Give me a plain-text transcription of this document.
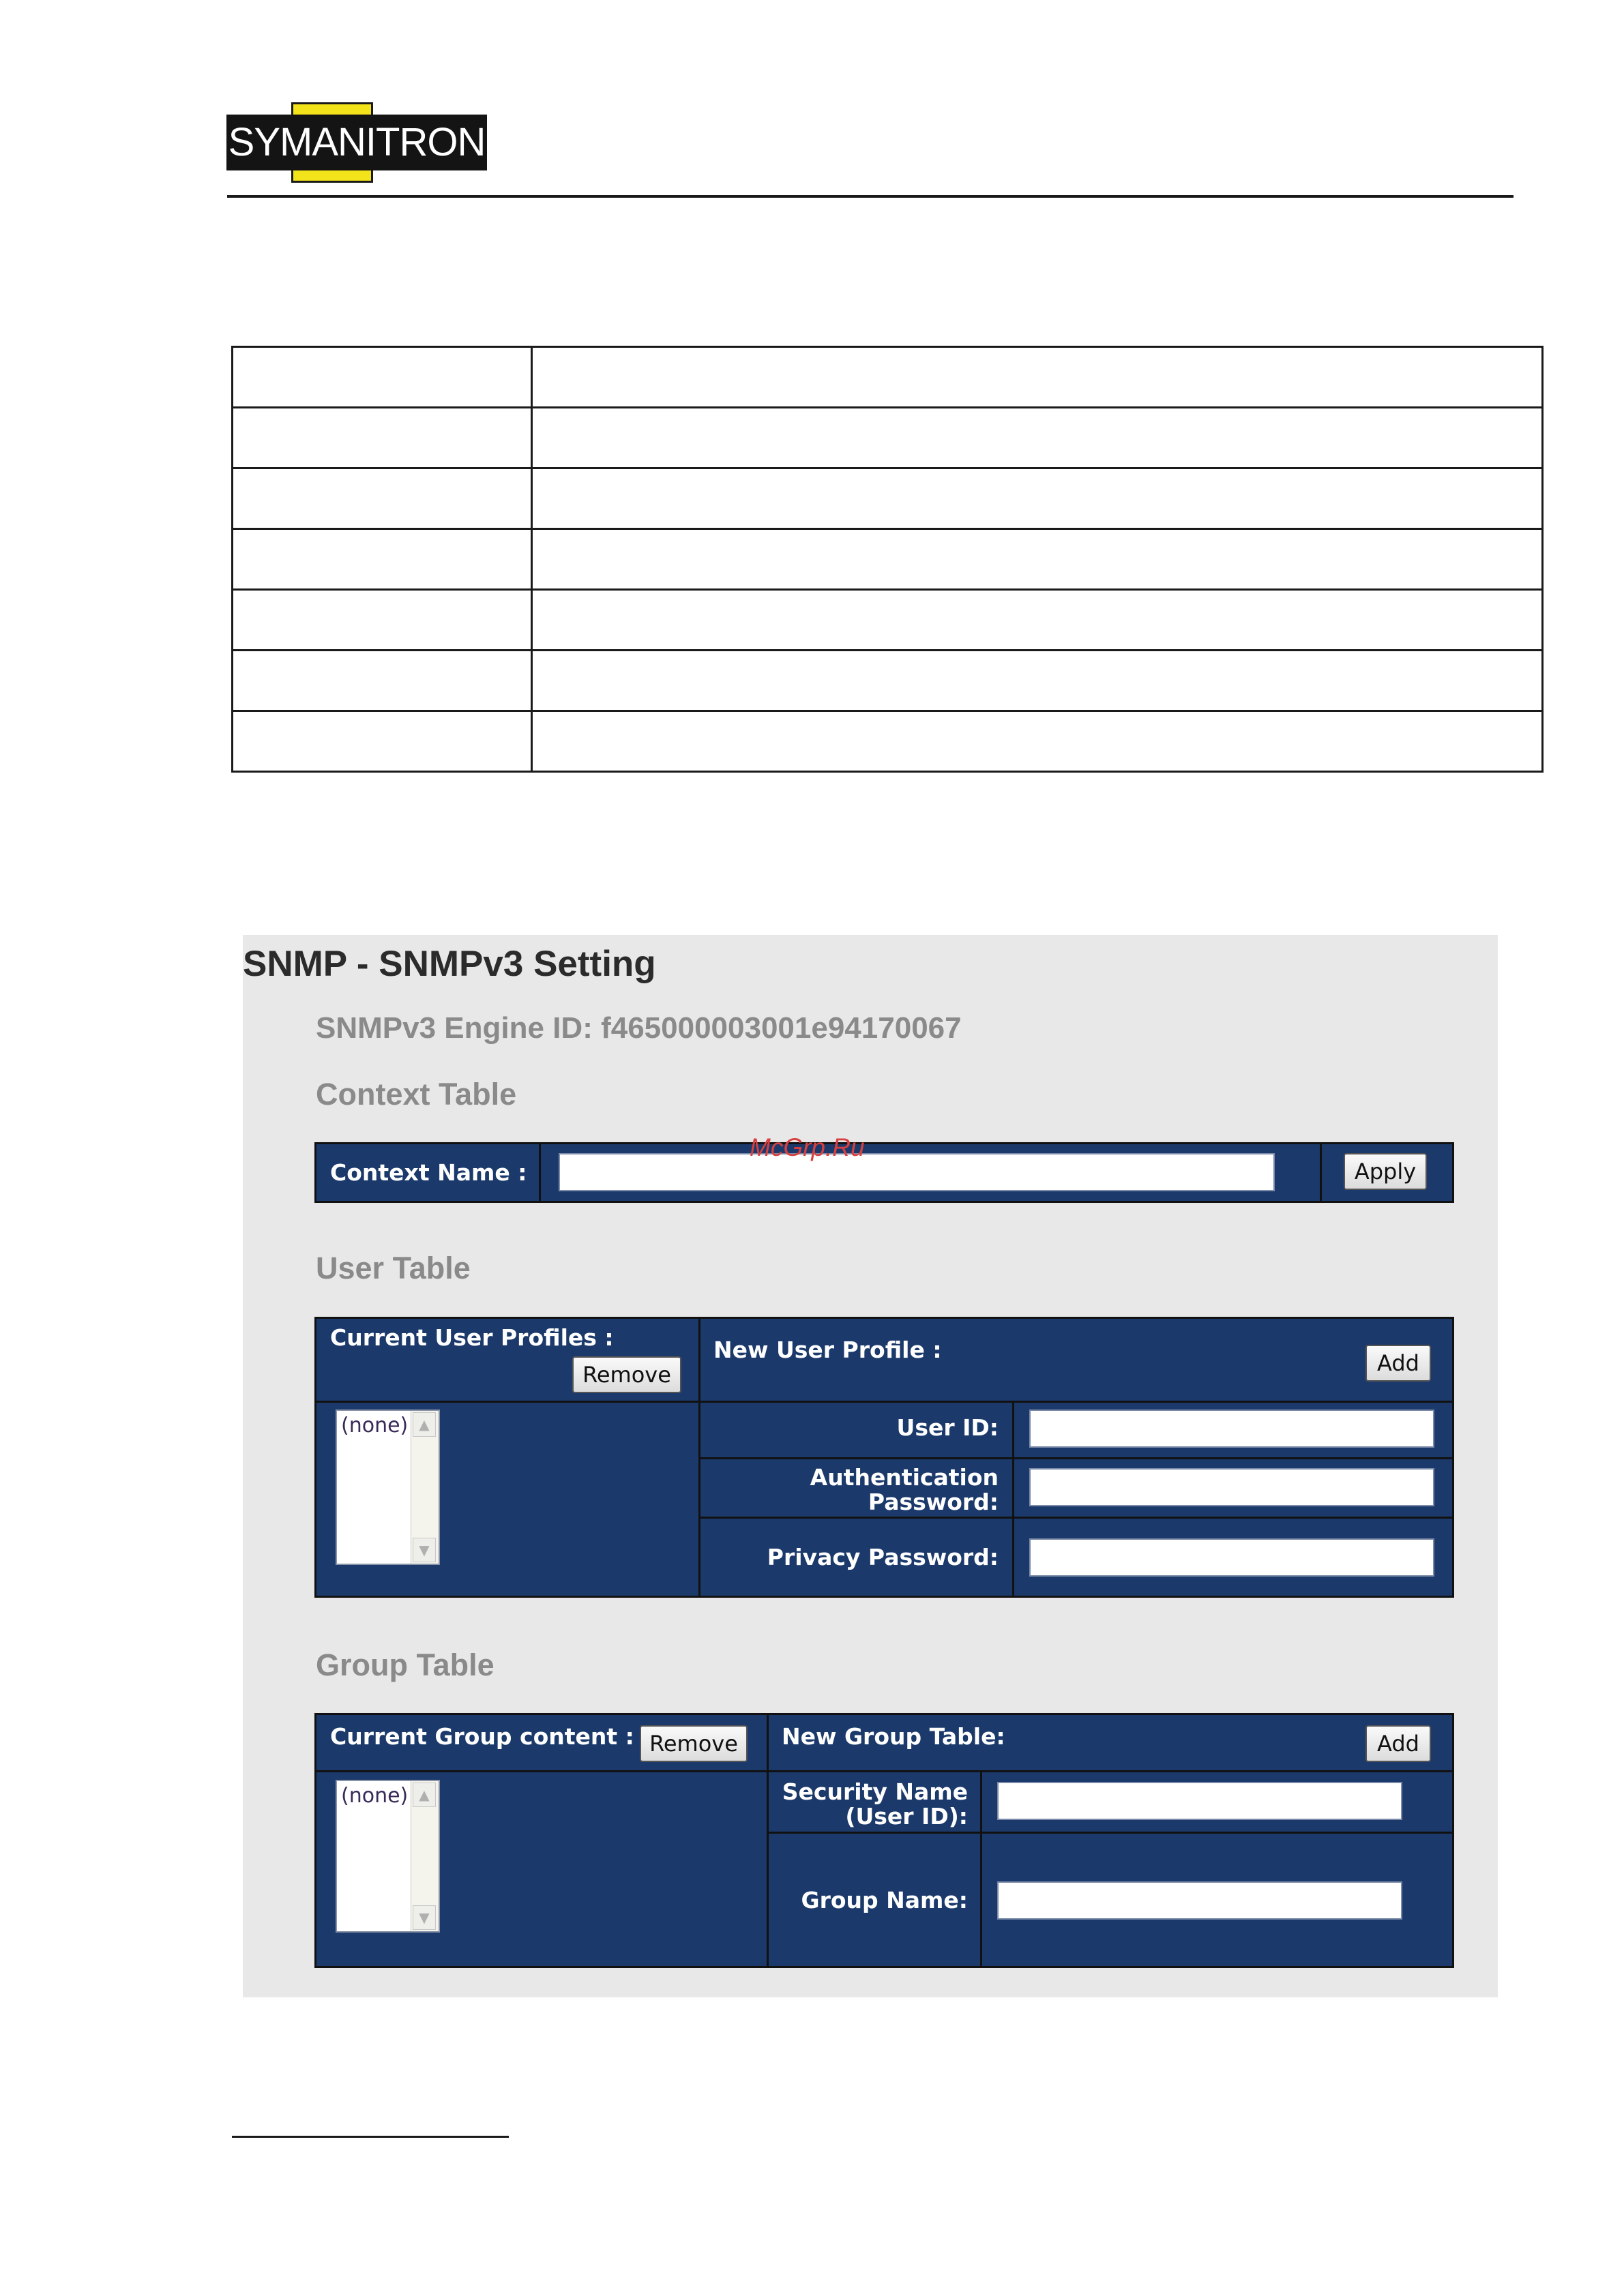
SYMANITRON

SNMP - SNMPv3 Setting
SNMPv3 Engine ID: f465000003001e94170067
Context Table
Context Name :	Apply
User Table
Current User Profiles :
Remove
New User Profile :	Add
(none) ▲
▼
User ID:
Authentication
Password:
Privacy Password:
Group Table
Current Group content : Remove	New Group Table:	Add
(none) ▲
▼
Security Name
(User ID):
Group Name:
McGrp.Ru
